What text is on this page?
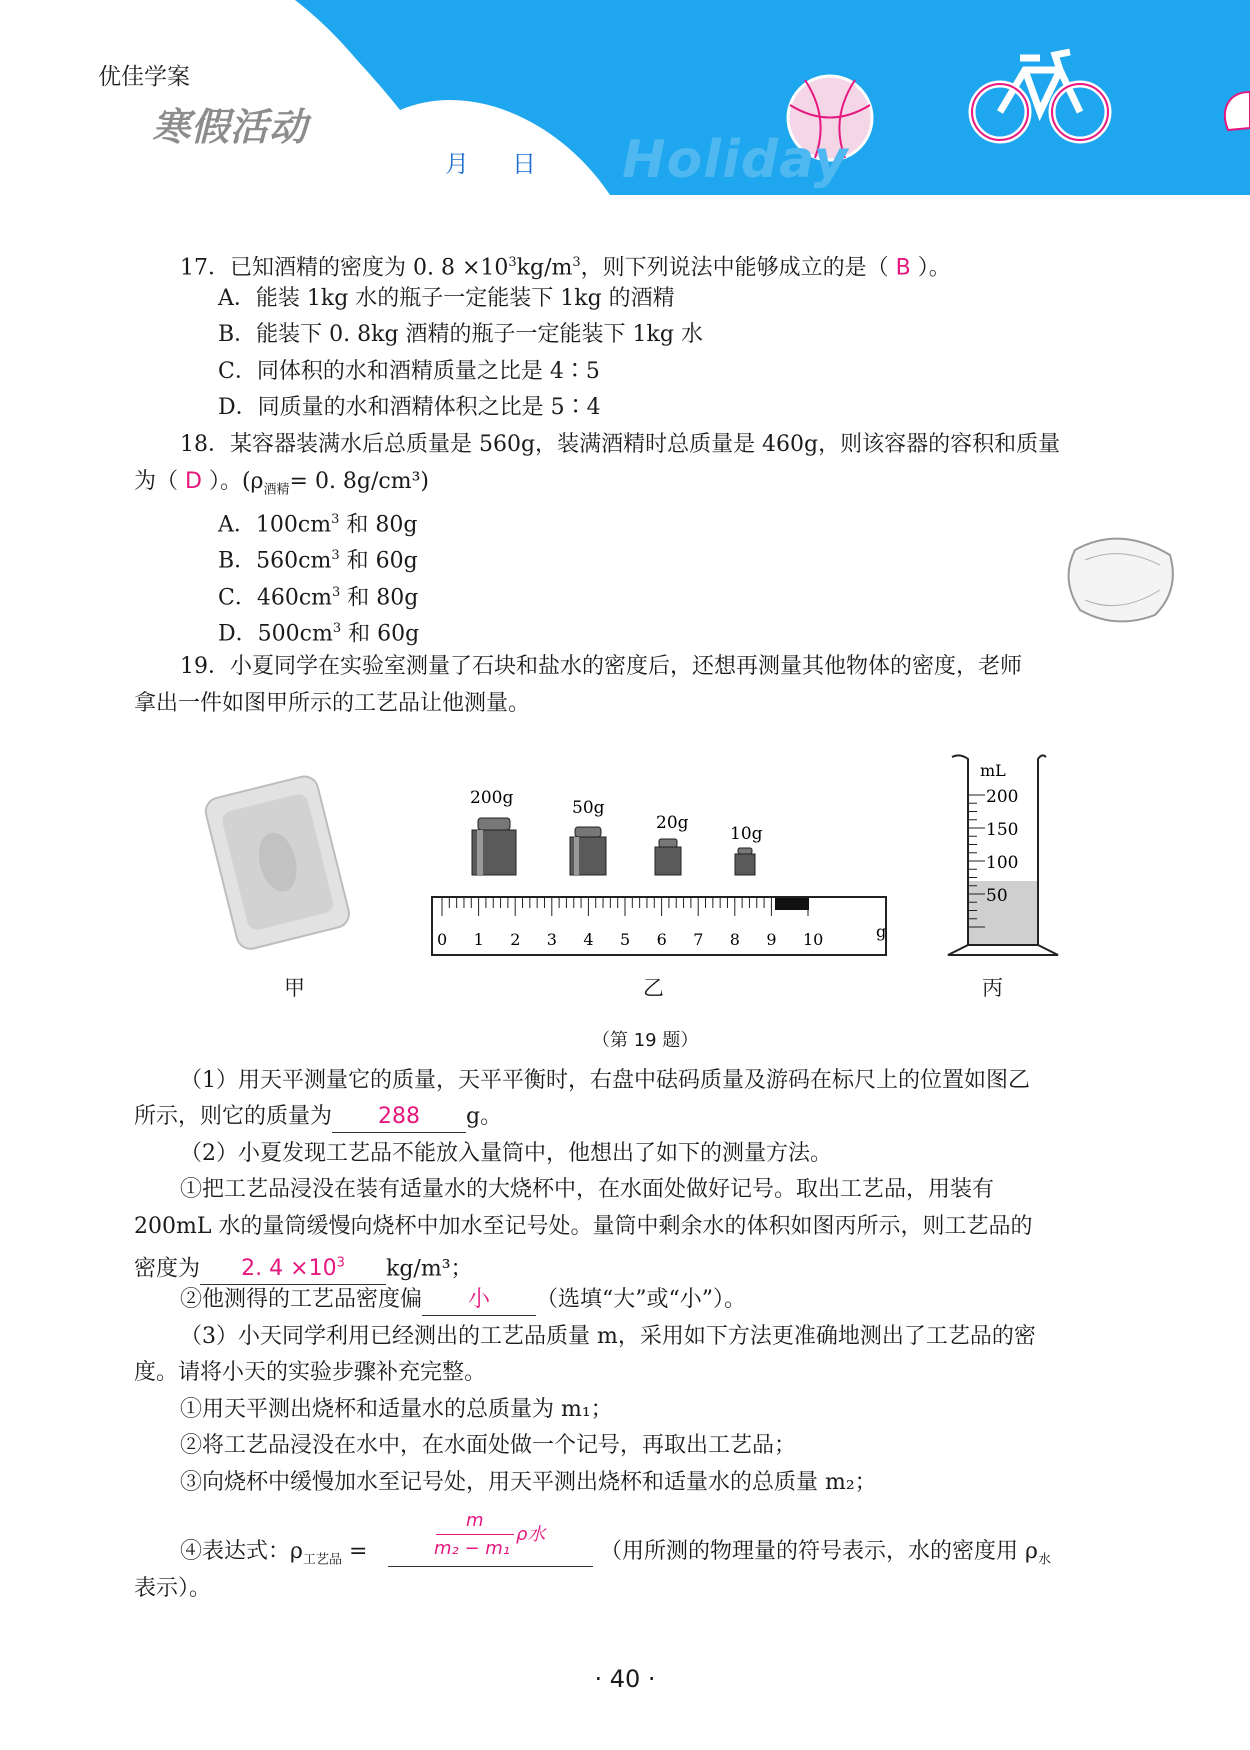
优佳学案
寒假活动
月 日 Holiday
17．已知酒精的密度为 0. $8 \times 10^3kg/m^3$，则下列说法中能够成立的是（ B ）。
A．能装 1kg 水的瓶子一定能装下 1kg 的酒精
B．能装下 0. 8kg 酒精的瓶子一定能装下 1kg 水
C．同体积的水和酒精质量之比是 4∶5
D．同质量的水和酒精体积之比是 5∶4
18．某容器装满水后总质量是 560g，装满酒精时总质量是 460g，则该容器的容积和质量
为（ D ）。($\rho_{酒精}= 0$. 8g/cm³)
A．$100cm^3$ 和 80g
B．$560cm^3$ 和 60g
C．$460cm^3$ 和 80g
D．$500cm^3$ 和 60g
19．小夏同学在实验室测量了石块和盐水的密度后，还想再测量其他物体的密度，老师
拿出一件如图甲所示的工艺品让他测量。
200g	50g
20g
10g
0 1 2 3 4 5 6 7 8 9 10	g
mL
200
150
100
50
甲	乙	丙
（第 19 题）
（1）用天平测量它的质量，天平平衡时，右盘中砝码质量及游码在标尺上的位置如图乙
所示，则它的质量为 288 g。
（2）小夏发现工艺品不能放入量筒中，他想出了如下的测量方法。
①把工艺品浸没在装有适量水的大烧杯中，在水面处做好记号。取出工艺品，用装有
200mL 水的量筒缓慢向烧杯中加水至记号处。量筒中剩余水的体积如图丙所示，则工艺品的
密度为 2. $4 \times 10^3$ kg/m³；
②他测得的工艺品密度偏 小 （选填“大”或“小”）。
（3）小天同学利用已经测出的工艺品质量 m，采用如下方法更准确地测出了工艺品的密
度。请将小天的实验步骤补充完整。
①用天平测出烧杯和适量水的总质量为 m₁；
②将工艺品浸没在水中，在水面处做一个记号，再取出工艺品；
③向烧杯中缓慢加水至记号处，用天平测出烧杯和适量水的总质量 m₂；
④表达式：$\rho_{工艺品}$ =
m
m₂ − m₁
ρ水
（用所测的物理量的符号表示，水的密度用 $\rho_水$
表示）。
· 40 ·
